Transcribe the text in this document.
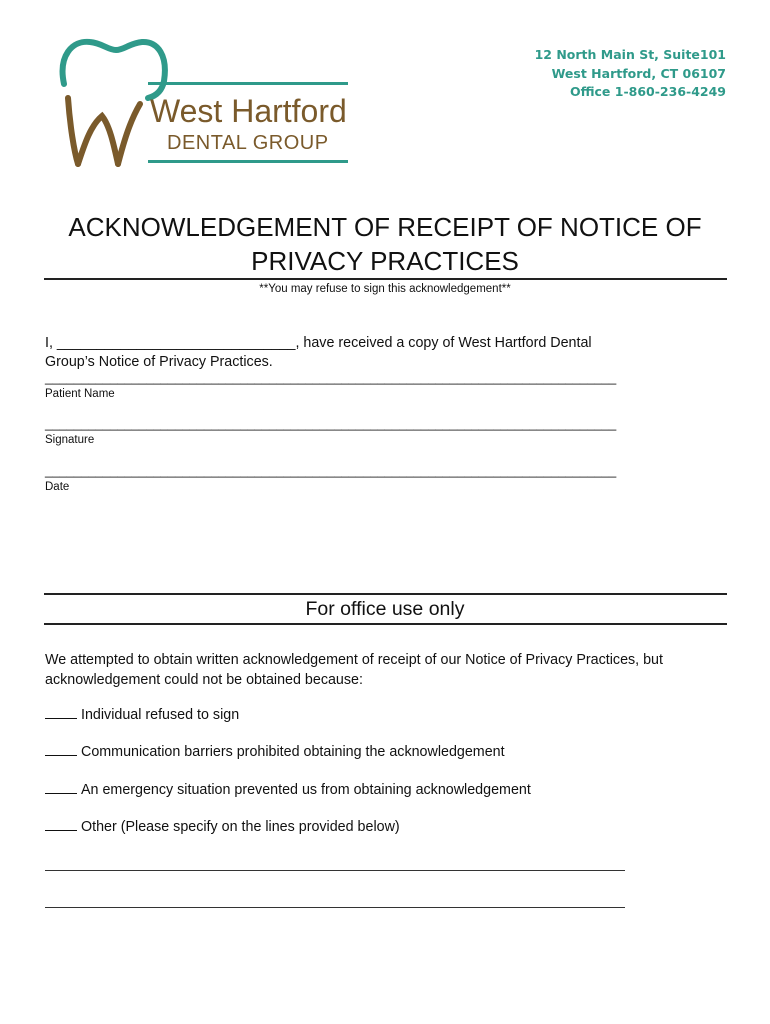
West Hartford
DENTAL GROUP
12 North Main St, Suite101
West Hartford, CT 06107
Office 1-860-236-4249
ACKNOWLEDGEMENT OF RECEIPT OF NOTICE OF
PRIVACY PRACTICES
**You may refuse to sign this acknowledgement**
I, ______________________________, have received a copy of West Hartford Dental
Group’s Notice of Privacy Practices.
_______________________________________________________________________________
Patient Name
_______________________________________________________________________________
Signature
_______________________________________________________________________________
Date
For office use only
We attempted to obtain written acknowledgement of receipt of our Notice of Privacy Practices, but
acknowledgement could not be obtained because:
Individual refused to sign
Communication barriers prohibited obtaining the acknowledgement
An emergency situation prevented us from obtaining acknowledgement
Other (Please specify on the lines provided below)
